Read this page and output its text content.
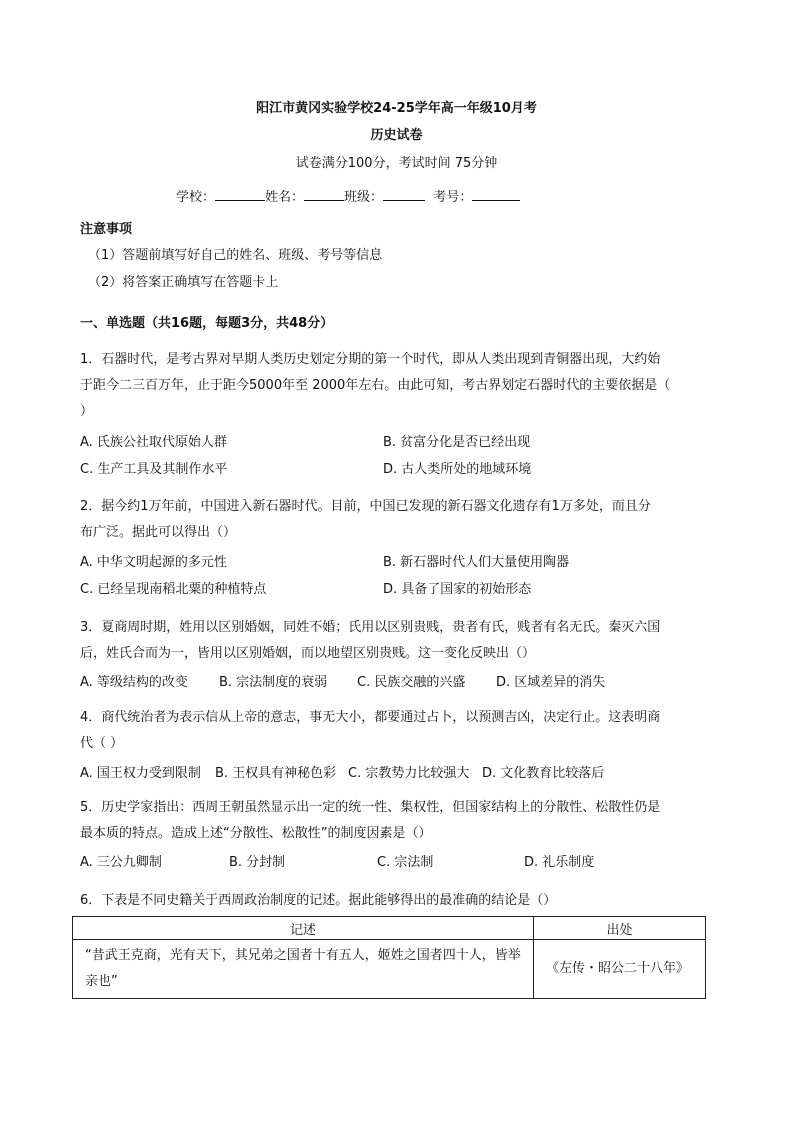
阳江市黄冈实验学校24-25学年高一年级10月考
历史试卷
试卷满分100分，考试时间 75分钟
学校：	姓名：	班级：	考号：
注意事项
（1）答题前填写好自己的姓名、班级、考号等信息
（2）将答案正确填写在答题卡上
一、单选题（共16题，每题3分，共48分）
1．石器时代，是考古界对早期人类历史划定分期的第一个时代，即从人类出现到青铜器出现，大约始
于距今二三百万年，止于距今5000年至 2000年左右。由此可知，考古界划定石器时代的主要依据是（
）
A. 氏族公社取代原始人群	B. 贫富分化是否已经出现
C. 生产工具及其制作水平	D. 古人类所处的地域环境
2．据今约1万年前，中国进入新石器时代。目前，中国已发现的新石器文化遗存有1万多处，而且分
布广泛。据此可以得出（）
A. 中华文明起源的多元性	B. 新石器时代人们大量使用陶器
C. 已经呈现南稻北粟的种植特点	D. 具备了国家的初始形态
3．夏商周时期，姓用以区别婚姻，同姓不婚；氏用以区别贵贱，贵者有氏，贱者有名无氏。秦灭六国
后，姓氏合而为一，皆用以区别婚姻，而以地望区别贵贱。这一变化反映出（）
A. 等级结构的改变 B. 宗法制度的衰弱 C. 民族交融的兴盛 D. 区域差异的消失
4．商代统治者为表示信从上帝的意志，事无大小，都要通过占卜，以预测吉凶，决定行止。这表明商
代（ ）
A. 国王权力受到限制 B. 王权具有神秘色彩 C. 宗教势力比较强大 D. 文化教育比较落后
5．历史学家指出：西周王朝虽然显示出一定的统一性、集权性，但国家结构上的分散性、松散性仍是
最本质的特点。造成上述“分散性、松散性”的制度因素是（）
A. 三公九卿制	B. 分封制	C. 宗法制	D. 礼乐制度
6．下表是不同史籍关于西周政治制度的记述。据此能够得出的最准确的结论是（）
记述	出处
“昔武王克商，光有天下，其兄弟之国者十有五人，姬姓之国者四十人，皆举亲也”	《左传・昭公二十八年》
